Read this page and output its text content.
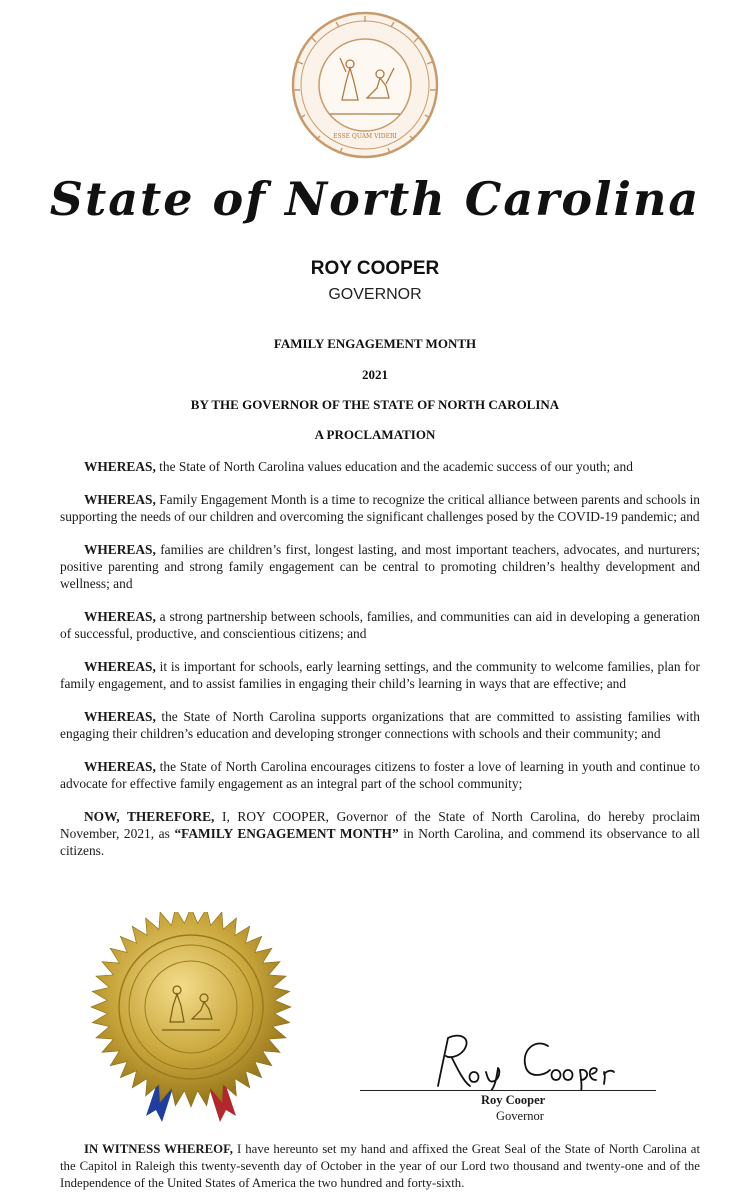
ESSE QUAM VIDERI
State of North Carolina
ROY COOPER
GOVERNOR
FAMILY ENGAGEMENT MONTH
2021
BY THE GOVERNOR OF THE STATE OF NORTH CAROLINA
A PROCLAMATION

WHEREAS, the State of North Carolina values education and the academic success of our youth; and

WHEREAS, Family Engagement Month is a time to recognize the critical alliance between parents and schools in supporting the needs of our children and overcoming the significant challenges posed by the COVID-19 pandemic; and

WHEREAS, families are children’s first, longest lasting, and most important teachers, advocates, and nurturers; positive parenting and strong family engagement can be central to promoting children’s healthy development and wellness; and

WHEREAS, a strong partnership between schools, families, and communities can aid in developing a generation of successful, productive, and conscientious citizens; and

WHEREAS, it is important for schools, early learning settings, and the community to welcome families, plan for family engagement, and to assist families in engaging their child’s learning in ways that are effective; and

WHEREAS, the State of North Carolina supports organizations that are committed to assisting families with engaging their children’s education and developing stronger connections with schools and their community; and

WHEREAS, the State of North Carolina encourages citizens to foster a love of learning in youth and continue to advocate for effective family engagement as an integral part of the school community;

NOW, THEREFORE, I, ROY COOPER, Governor of the State of North Carolina, do hereby proclaim November, 2021, as “FAMILY ENGAGEMENT MONTH” in North Carolina, and commend its observance to all citizens.

Roy Cooper
Governor
IN WITNESS WHEREOF, I have hereunto set my hand and affixed the Great Seal of the State of North Carolina at the Capitol in Raleigh this twenty-seventh day of October in the year of our Lord two thousand and twenty-one and of the Independence of the United States of America the two hundred and forty-sixth.
